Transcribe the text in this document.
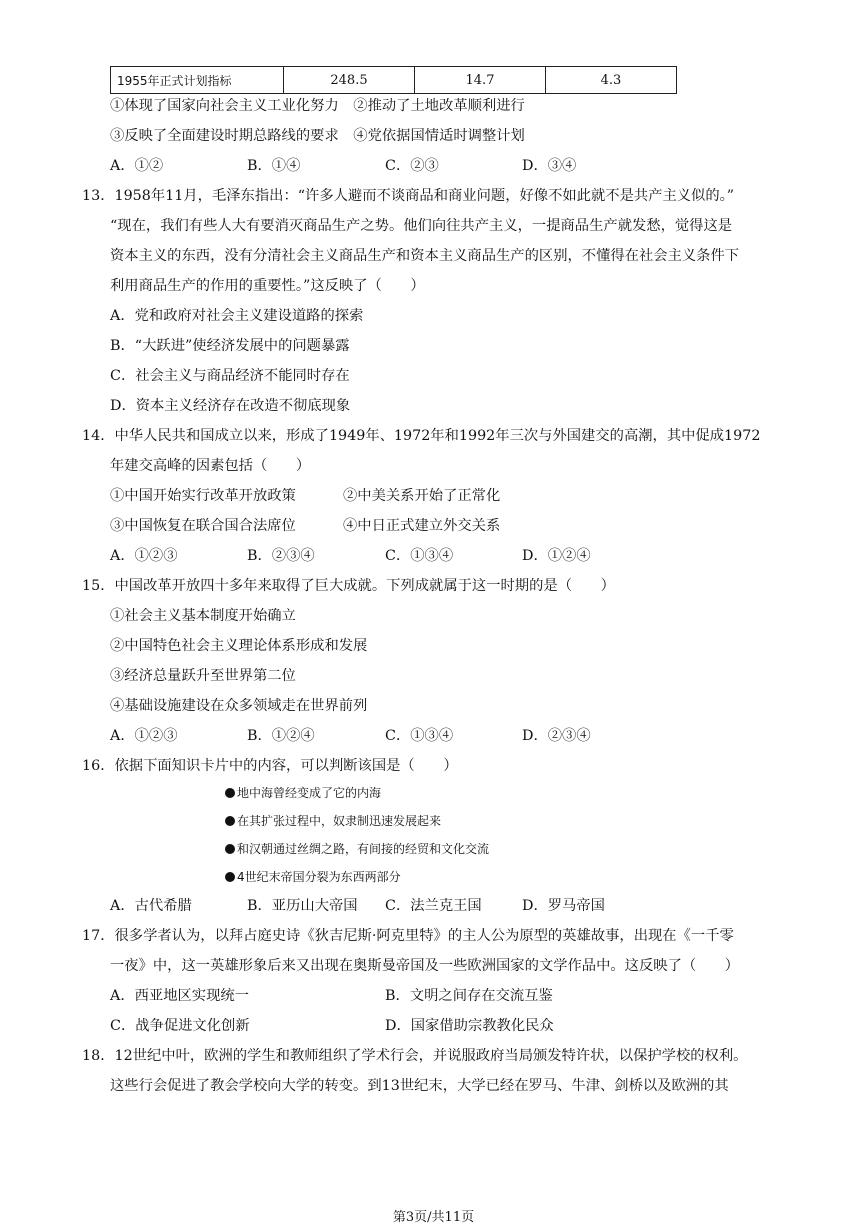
1955年正式计划指标	248.5	14.7	4.3
①体现了国家向社会主义工业化努力 ②推动了土地改革顺利进行
③反映了全面建设时期总路线的要求 ④党依据国情适时调整计划
A．①②	B．①④	C．②③	D．③④
13．1958年11月，毛泽东指出：“许多人避而不谈商品和商业问题，好像不如此就不是共产主义似的。”
“现在，我们有些人大有要消灭商品生产之势。他们向往共产主义，一提商品生产就发愁，觉得这是
资本主义的东西，没有分清社会主义商品生产和资本主义商品生产的区别，不懂得在社会主义条件下
利用商品生产的作用的重要性。”这反映了（　　）
A．党和政府对社会主义建设道路的探索
B．“大跃进”使经济发展中的问题暴露
C．社会主义与商品经济不能同时存在
D．资本主义经济存在改造不彻底现象
14．中华人民共和国成立以来，形成了1949年、1972年和1992年三次与外国建交的高潮，其中促成1972
年建交高峰的因素包括（　　）
①中国开始实行改革开放政策	②中美关系开始了正常化
③中国恢复在联合国合法席位	④中日正式建立外交关系
A．①②③	B．②③④	C．①③④	D．①②④
15．中国改革开放四十多年来取得了巨大成就。下列成就属于这一时期的是（　　）
①社会主义基本制度开始确立
②中国特色社会主义理论体系形成和发展
③经济总量跃升至世界第二位
④基础设施建设在众多领域走在世界前列
A．①②③	B．①②④	C．①③④	D．②③④
16．依据下面知识卡片中的内容，可以判断该国是（　　）
地中海曾经变成了它的内海
在其扩张过程中，奴隶制迅速发展起来
和汉朝通过丝绸之路，有间接的经贸和文化交流
4世纪末帝国分裂为东西两部分
A．古代希腊	B．亚历山大帝国 C．法兰克王国	D．罗马帝国
17．很多学者认为，以拜占庭史诗《狄吉尼斯·阿克里特》的主人公为原型的英雄故事，出现在《一千零
一夜》中，这一英雄形象后来又出现在奥斯曼帝国及一些欧洲国家的文学作品中。这反映了（　　）
A．西亚地区实现统一	B．文明之间存在交流互鉴
C．战争促进文化创新	D．国家借助宗教教化民众
18．12世纪中叶，欧洲的学生和教师组织了学术行会，并说服政府当局颁发特许状，以保护学校的权利。
这些行会促进了教会学校向大学的转变。到13世纪末，大学已经在罗马、牛津、剑桥以及欧洲的其
第3页/共11页
